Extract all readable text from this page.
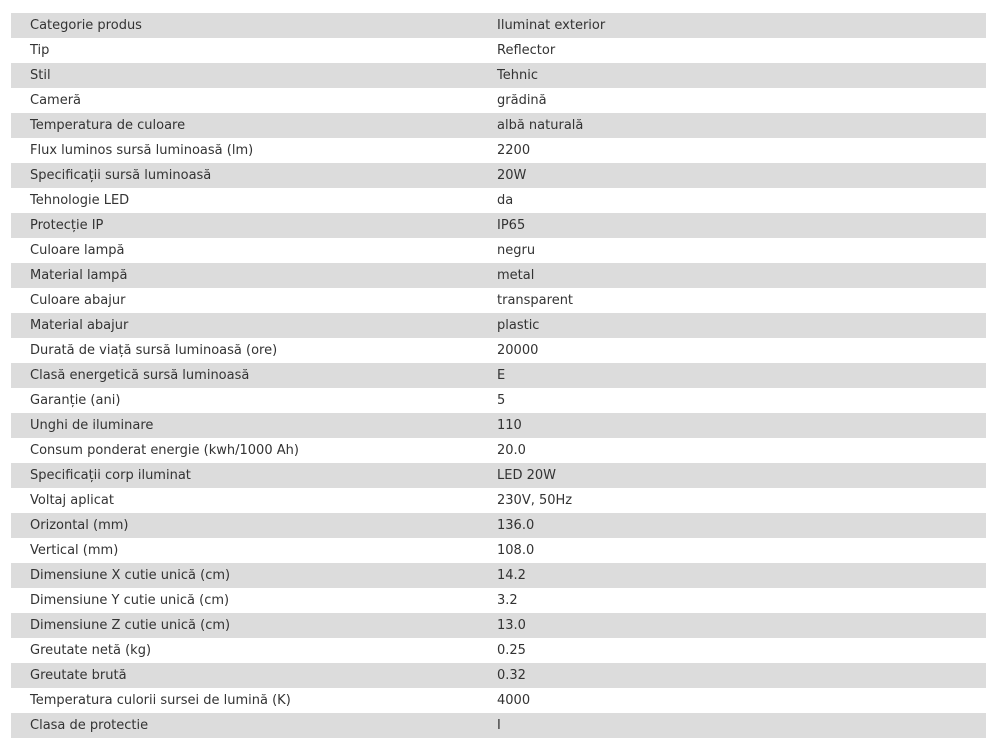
Categorie produs	Iluminat exterior
Tip	Reflector
Stil	Tehnic
Cameră	grădină
Temperatura de culoare	albă naturală
Flux luminos sursă luminoasă (lm)	2200
Specificații sursă luminoasă	20W
Tehnologie LED	da
Protecție IP	IP65
Culoare lampă	negru
Material lampă	metal
Culoare abajur	transparent
Material abajur	plastic
Durată de viață sursă luminoasă (ore)	20000
Clasă energetică sursă luminoasă	E
Garanție (ani)	5
Unghi de iluminare	110
Consum ponderat energie (kwh/1000 Ah)	20.0
Specificații corp iluminat	LED 20W
Voltaj aplicat	230V, 50Hz
Orizontal (mm)	136.0
Vertical (mm)	108.0
Dimensiune X cutie unică (cm)	14.2
Dimensiune Y cutie unică (cm)	3.2
Dimensiune Z cutie unică (cm)	13.0
Greutate netă (kg)	0.25
Greutate brută	0.32
Temperatura culorii sursei de lumină (K)	4000
Clasa de protectie	I
